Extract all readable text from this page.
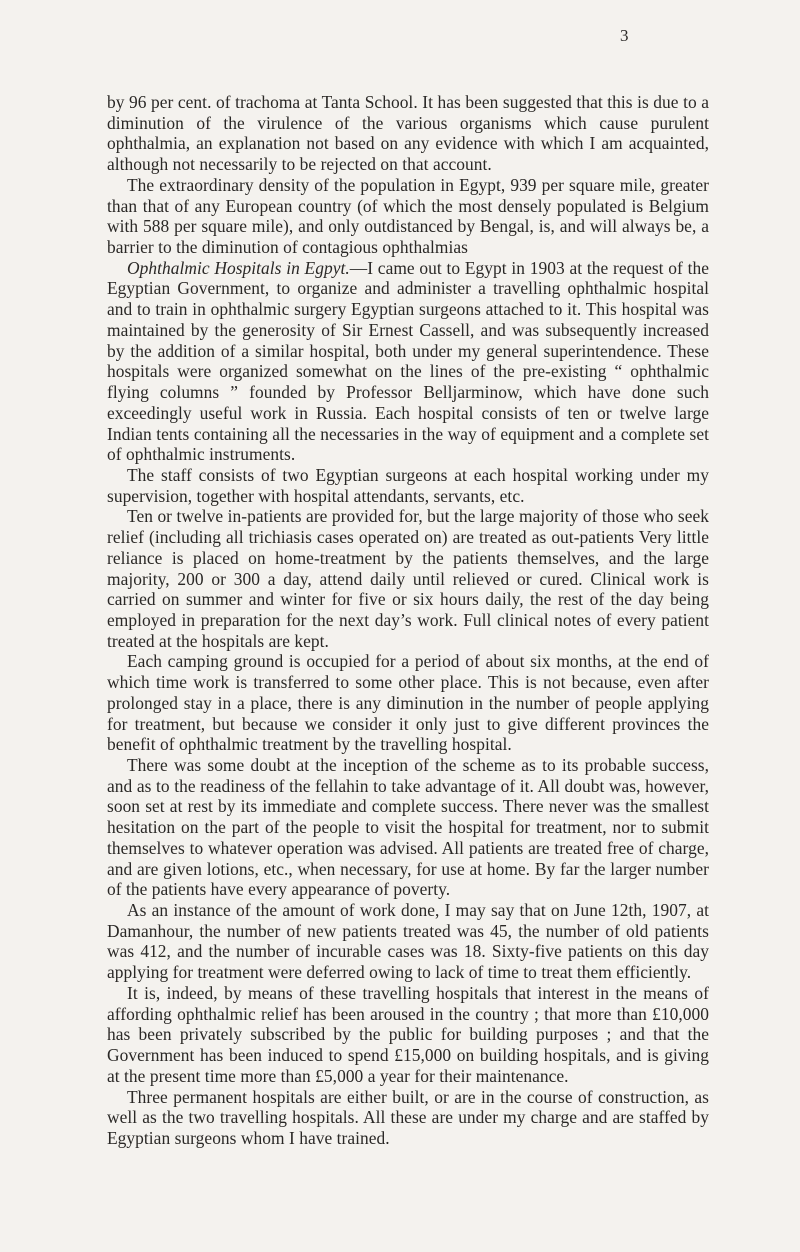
3

by 96 per cent. of trachoma at Tanta School. It has been suggested that this is due to a diminution of the virulence of the various organisms which cause purulent ophthalmia, an explanation not based on any evidence with which I am acquainted, although not necessarily to be rejected on that account.

The extraordinary density of the population in Egypt, 939 per square mile, greater than that of any European country (of which the most densely populated is Belgium with 588 per square mile), and only outdistanced by Bengal, is, and will always be, a barrier to the diminution of contagious ophthalmias

Ophthalmic Hospitals in Egpyt.—I came out to Egypt in 1903 at the request of the Egyptian Government, to organize and administer a travelling ophthalmic hospital and to train in ophthalmic surgery Egyptian surgeons attached to it. This hospital was maintained by the generosity of Sir Ernest Cassell, and was subsequently increased by the addition of a similar hospital, both under my general superintendence. These hospitals were organized somewhat on the lines of the pre-existing “ ophthalmic flying columns ” founded by Professor Belljarminow, which have done such exceedingly useful work in Russia. Each hospital consists of ten or twelve large Indian tents containing all the necessaries in the way of equipment and a complete set of ophthalmic instruments.

The staff consists of two Egyptian surgeons at each hospital working under my supervision, together with hospital attendants, servants, etc.

Ten or twelve in-patients are provided for, but the large majority of those who seek relief (including all trichiasis cases operated on) are treated as out-patients Very little reliance is placed on home-treatment by the patients themselves, and the large majority, 200 or 300 a day, attend daily until relieved or cured. Clinical work is carried on summer and winter for five or six hours daily, the rest of the day being employed in preparation for the next day’s work. Full clinical notes of every patient treated at the hospitals are kept.

Each camping ground is occupied for a period of about six months, at the end of which time work is transferred to some other place. This is not because, even after prolonged stay in a place, there is any diminution in the number of people applying for treatment, but because we consider it only just to give different provinces the benefit of ophthalmic treatment by the travelling hospital.

There was some doubt at the inception of the scheme as to its probable success, and as to the readiness of the fellahin to take advantage of it. All doubt was, however, soon set at rest by its immediate and complete success. There never was the smallest hesitation on the part of the people to visit the hospital for treatment, nor to submit themselves to whatever operation was advised. All patients are treated free of charge, and are given lotions, etc., when necessary, for use at home. By far the larger number of the patients have every appearance of poverty.

As an instance of the amount of work done, I may say that on June 12th, 1907, at Damanhour, the number of new patients treated was 45, the number of old patients was 412, and the number of incurable cases was 18. Sixty-five patients on this day applying for treatment were deferred owing to lack of time to treat them efficiently.

It is, indeed, by means of these travelling hospitals that interest in the means of affording ophthalmic relief has been aroused in the country ; that more than £10,000 has been privately subscribed by the public for building purposes ; and that the Government has been induced to spend £15,000 on building hospitals, and is giving at the present time more than £5,000 a year for their maintenance.

Three permanent hospitals are either built, or are in the course of construction, as well as the two travelling hospitals. All these are under my charge and are staffed by Egyptian surgeons whom I have trained.
